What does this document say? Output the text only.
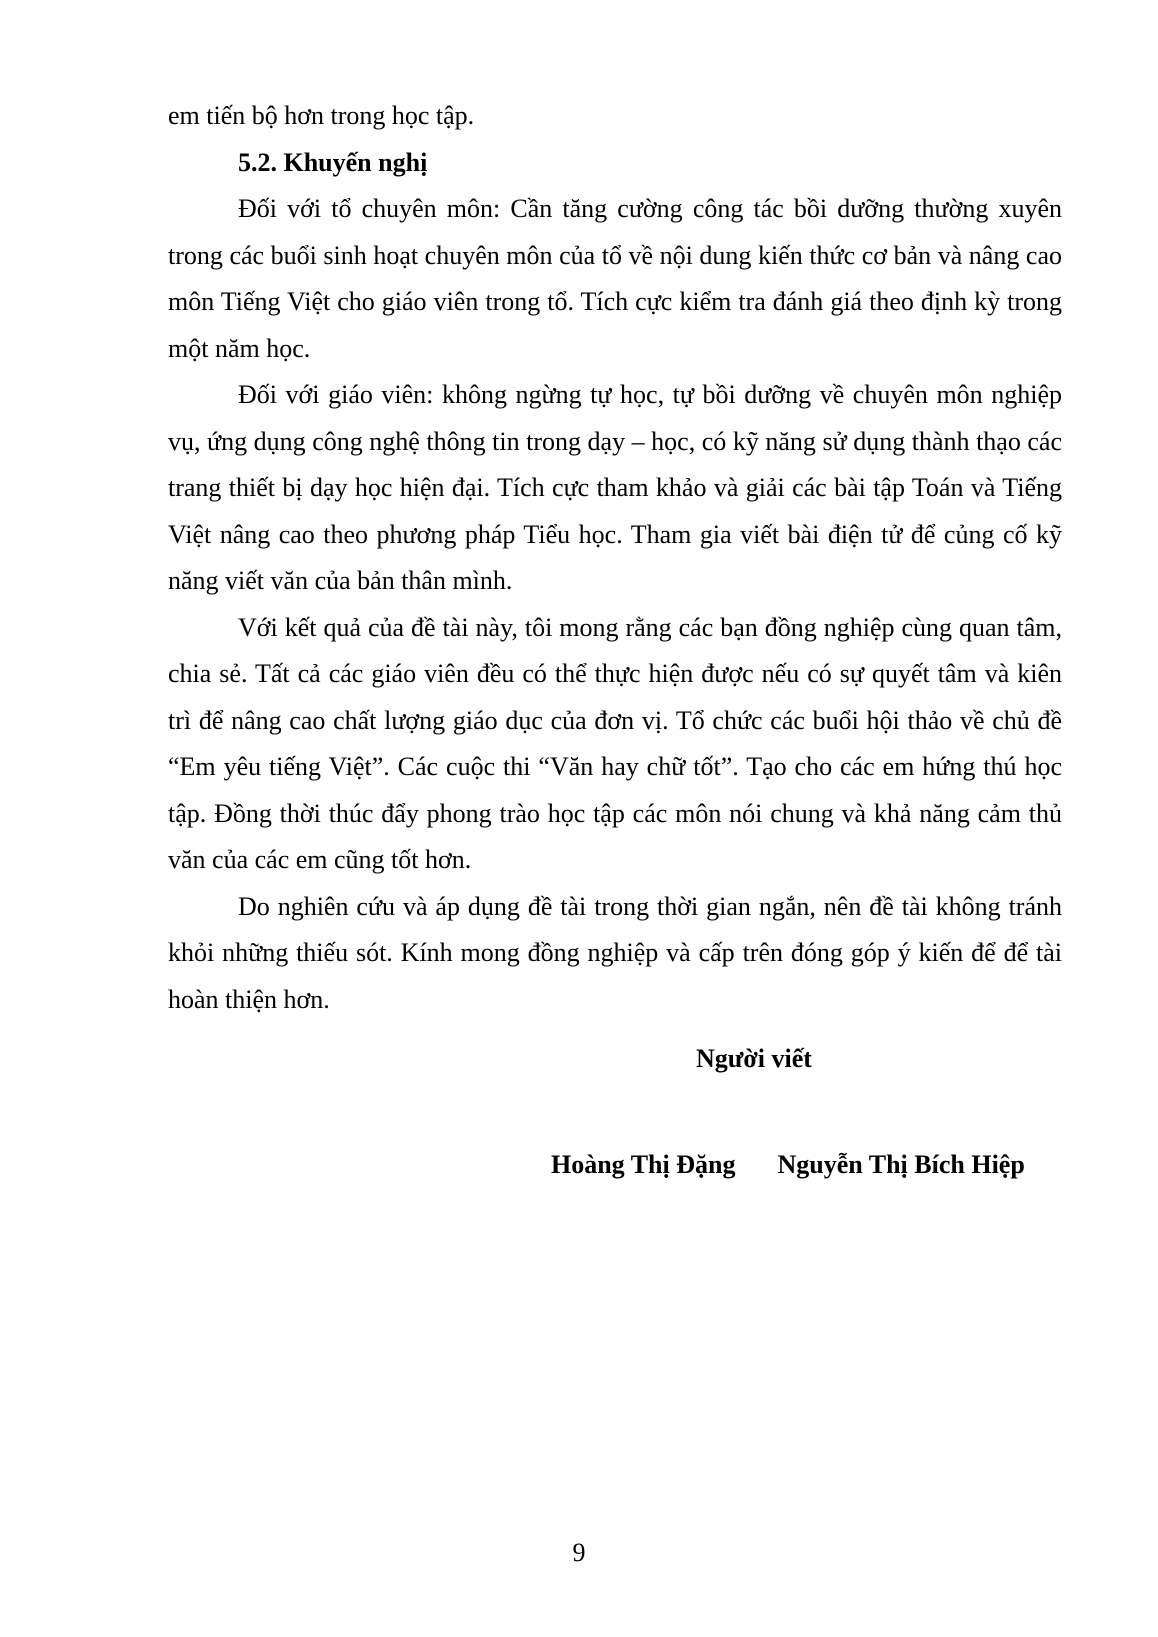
em tiến bộ hơn trong học tập.

5.2. Khuyến nghị

Đối với tổ chuyên môn: Cần tăng cường công tác bồi dưỡng thường xuyên trong các buổi sinh hoạt chuyên môn của tổ về nội dung kiến thức cơ bản và nâng cao môn Tiếng Việt cho giáo viên trong tổ. Tích cực kiểm tra đánh giá theo định kỳ trong một năm học.

Đối với giáo viên: không ngừng tự học, tự bồi dưỡng về chuyên môn nghiệp vụ, ứng dụng công nghệ thông tin trong dạy – học, có kỹ năng sử dụng thành thạo các trang thiết bị dạy học hiện đại. Tích cực tham khảo và giải các bài tập Toán và Tiếng Việt nâng cao theo phương pháp Tiểu học. Tham gia viết bài điện tử để củng cố kỹ năng viết văn của bản thân mình.

Với kết quả của đề tài này, tôi mong rằng các bạn đồng nghiệp cùng quan tâm, chia sẻ. Tất cả các giáo viên đều có thể thực hiện được nếu có sự quyết tâm và kiên trì để nâng cao chất lượng giáo dục của đơn vị. Tổ chức các buổi hội thảo về chủ đề “Em yêu tiếng Việt”. Các cuộc thi “Văn hay chữ tốt”. Tạo cho các em hứng thú học tập. Đồng thời thúc đẩy phong trào học tập các môn nói chung và khả năng cảm thủ văn của các em cũng tốt hơn.

Do nghiên cứu và áp dụng đề tài trong thời gian ngắn, nên đề tài không tránh khỏi những thiếu sót. Kính mong đồng nghiệp và cấp trên đóng góp ý kiến để để tài hoàn thiện hơn.

Người viết
Hoàng Thị Đặng Nguyễn Thị Bích Hiệp
9
